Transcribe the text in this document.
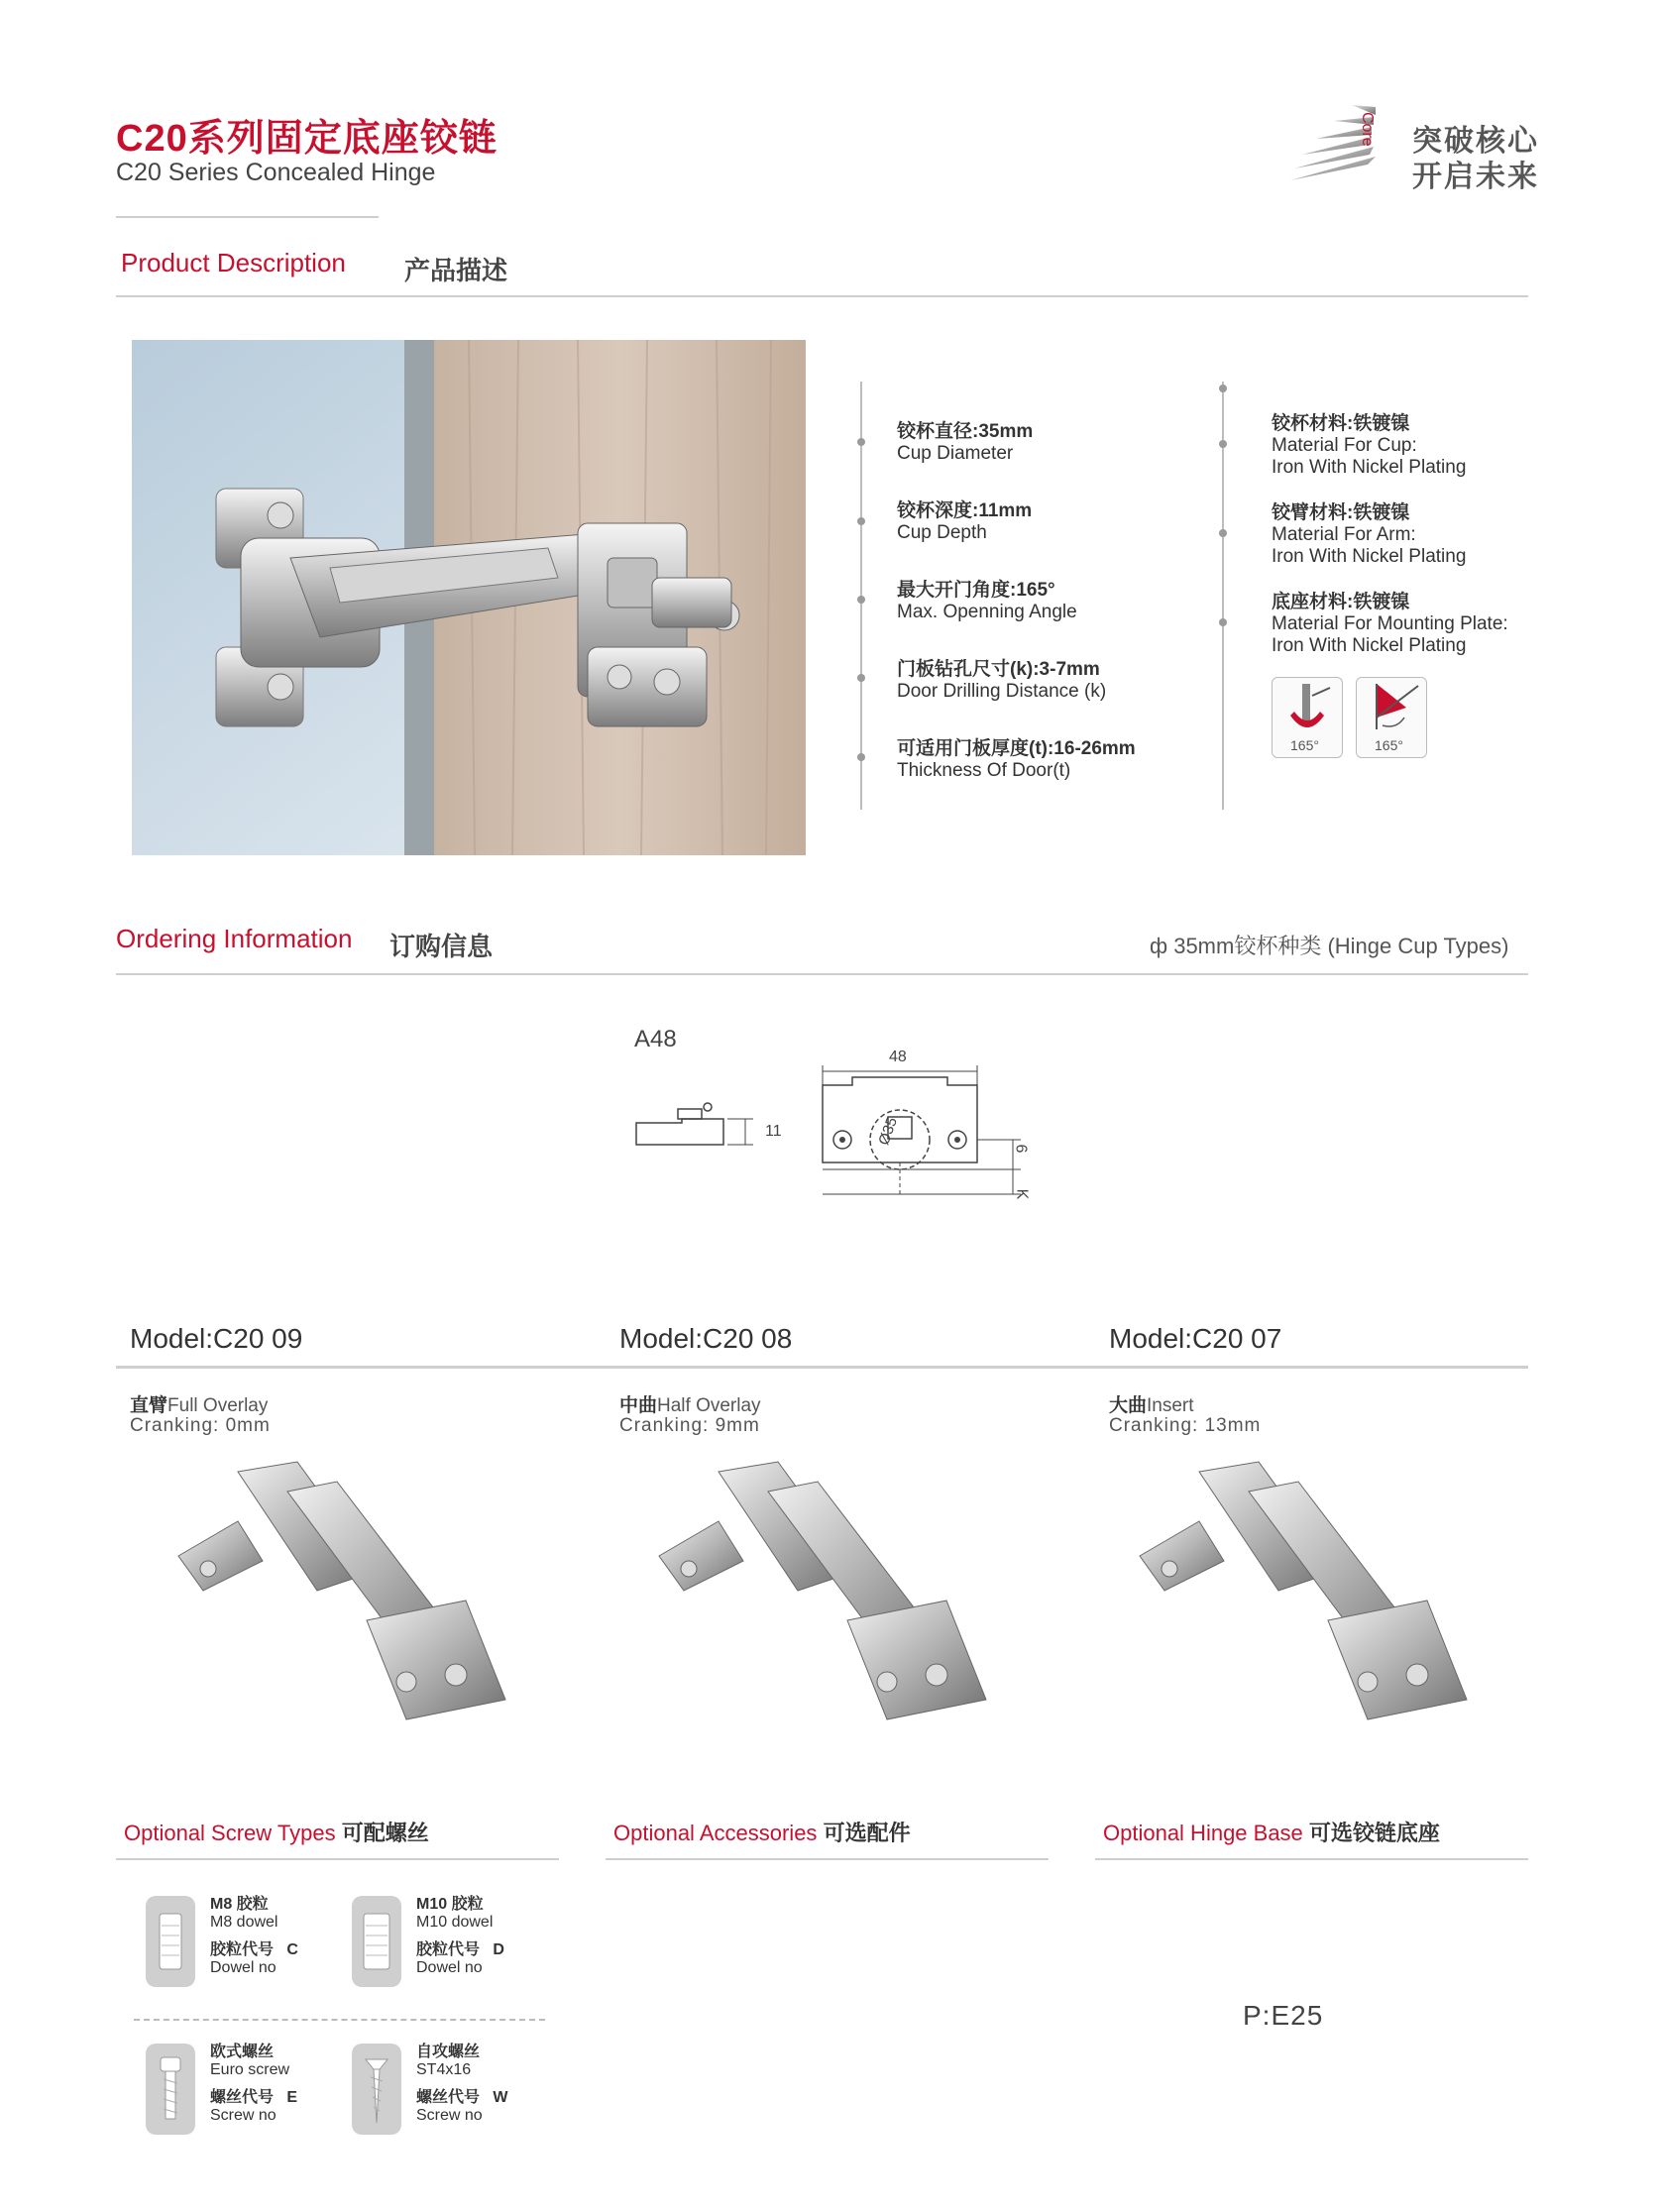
C20系列固定底座铰链
C20 Series Concealed Hinge
Core 突破核心
开启未来
Product Description 产品描述
铰杯直径:35mm
Cup Diameter
铰杯深度:11mm
Cup Depth
最大开门角度:165°
Max. Openning Angle
门板钻孔尺寸(k):3-7mm
Door Drilling Distance (k)
可适用门板厚度(t):16-26mm
Thickness Of Door(t)
铰杯材料:铁镀镍
Material For Cup:
Iron With Nickel Plating
铰臂材料:铁镀镍
Material For Arm:
Iron With Nickel Plating
底座材料:铁镀镍
Material For Mounting Plate:
Iron With Nickel Plating
165°	165°
Ordering Information 订购信息	ф 35mm铰杯种类 (Hinge Cup Types)
A48
48
11	Ø35
6
K
Model:C20 09	Model:C20 08	Model:C20 07
直臂Full Overlay
Cranking: 0mm
中曲Half Overlay
Cranking: 9mm
大曲Insert
Cranking: 13mm
Optional Screw Types 可配螺丝	Optional Accessories 可选配件	Optional Hinge Base 可选铰链底座
M8 胶粒
M8 dowel
胶粒代号 C
Dowel no
M10 胶粒
M10 dowel
胶粒代号 D
Dowel no
欧式螺丝
Euro screw
螺丝代号 E
Screw no
自攻螺丝
ST4x16
螺丝代号 W
Screw no
P:E25
